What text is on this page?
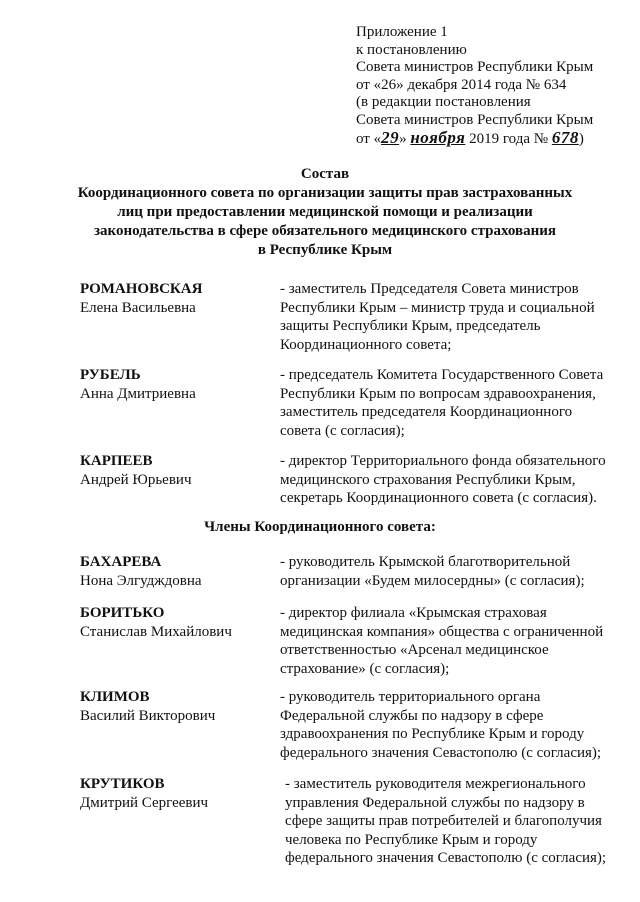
Приложение 1
к постановлению
Совета министров Республики Крым
от «26» декабря 2014 года № 634
(в редакции постановления
Совета министров Республики Крым
от «29» ноября 2019 года № 678)
Состав
Координационного совета по организации защиты прав застрахованных
лиц при предоставлении медицинской помощи и реализации
законодательства в сфере обязательного медицинского страхования
в Республике Крым
РОМАНОВСКАЯ
Елена Васильевна
- заместитель Председателя Совета министров Республики Крым – министр труда и социальной защиты Республики Крым, председатель Координационного совета;
РУБЕЛЬ
Анна Дмитриевна
- председатель Комитета Государственного Совета Республики Крым по вопросам здравоохранения, заместитель председателя Координационного совета (с согласия);
КАРПЕЕВ
Андрей Юрьевич
- директор Территориального фонда обязательного медицинского страхования Республики Крым, секретарь Координационного совета (с согласия).
Члены Координационного совета:
БАХАРЕВА
Нона Элгудждовна
- руководитель Крымской благотворительной организации «Будем милосердны» (с согласия);
БОРИТЬКО
Станислав Михайлович
- директор филиала «Крымская страховая медицинская компания» общества с ограниченной ответственностью «Арсенал медицинское страхование» (с согласия);
КЛИМОВ
Василий Викторович
- руководитель территориального органа Федеральной службы по надзору в сфере здравоохранения по Республике Крым и городу федерального значения Севастополю (с согласия);
КРУТИКОВ
Дмитрий Сергеевич
- заместитель руководителя межрегионального управления Федеральной службы по надзору в сфере защиты прав потребителей и благополучия человека по Республике Крым и городу федерального значения Севастополю (с согласия);
